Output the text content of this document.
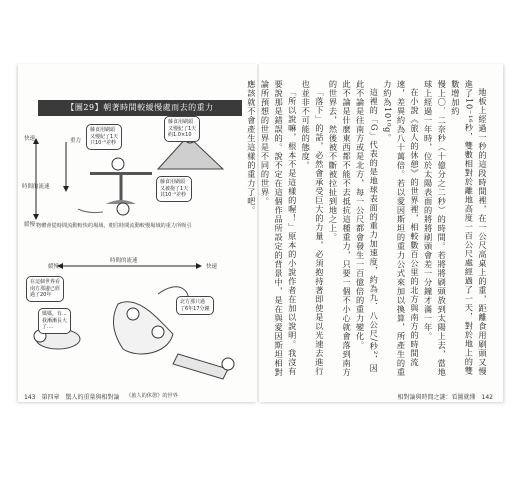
【圖29】朝著時間較緩慢處而去的重力
快速	重力
時間的流速
緩慢
藤食用刷頭
又慢紀了1天
只10⁻¹差秒
藤食用刷頭
又慢紀了1天
約1.0×10
藤食用刷頭
又被拖了1天
其10⁻¹差秒
物體會從時間流動較快的場域，朝往時間流動較慢場域的重力所吸引
時間的流速
緩慢	快速
在這個世界看
南方那邊已經
過了20年
媽媽，有...
我漸漸長大
了....
北方那只過
了6年17分鐘
《旅人的休憩》的世界
143　第四章　驚人的重量與相對論

地板上經過一秒的這段時間裡，在一公尺高桌上的重，距離食用刷頭又慢進了10⁻¹⁶秒，雙數相對於離地高度一百公尺處經過了一天，對於地上的雙數增加約

慢上〇．二奈秒（十億分之二秒）的時間。若將將刷頭放到太陽上去，當地球上經過一年時，位於太陽表面的將將刷頭會差一分鐘才滿一年。

在小說《旅人的休憩》的世界裡，相較數百公里的北方與南方的時間流速，差異約為八十萬倍。若以愛因斯坦的重力公式來加以換算，所產生的重力約為10¹⁰g。

這裡的「G」代表的是地球表面的重力加速度，約為九．八公尺/秒²，因此不論是往南方或是北方，每一公尺都會發生一百億倍的重力變化。

此不論是什麼東西都不能不去抵抗這種重力，只要一個不小心就會落到南方的世界去，然後被不斷被拉扯到地之上。

「落下」的話，必然會承受巨大的力量，必須抱持著即使是以光速去進行也並非不可能的態度。

「所以說嘛，根本不是這樣的喔！」原本的小說作者在加以說明。我沒有要說那是錯誤的。說不定在這個作品所設定的背景中，是在與愛因斯坦相對論所預想的世界是不同的世界。

應該就不會產生這樣的重力了吧。

相對論與時間之謎：看圖就懂　142
